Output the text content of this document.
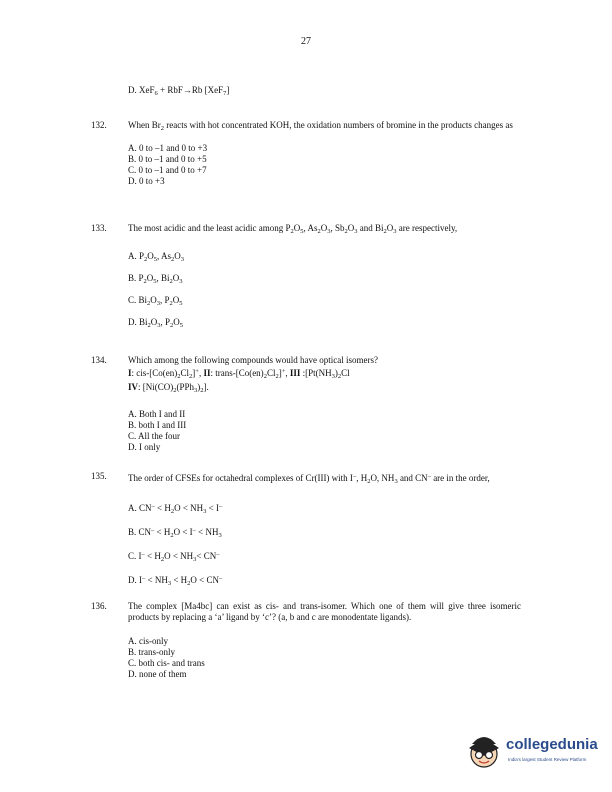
27
D. XeF$_6$ + RbF→Rb [XeF$_7$]
132.	When $Br_2$ reacts with hot concentrated KOH, the oxidation numbers of bromine in the products changes as
A. 0 to –1 and 0 to +3
B. 0 to –1 and 0 to +5
C. 0 to –1 and 0 to +7
D. 0 to +3
133.	The most acidic and the least acidic among $P_2O_5$, $As_2O_3$, $Sb_2O_3$ and $Bi_2O_3$ are respectively,
A. $P_2O_5$, $As_2O_3$
B. $P_2O_5$, $Bi_2O_3$
C. $Bi_2O_3$, $P_2O_5$
D. $Bi_2O_3$, $P_2O_5$
134.	Which among the following compounds would have optical isomers?
I: cis-$[Co(en)_2Cl_2]^+$, II: trans-$[Co(en)_2Cl_2]^+$, III $:[Pt(NH_3)_2Cl$
IV: $[Ni(CO)_2(PPh_3)_2]$.
A. Both I and II
B. both I and III
C. All the four
D. I only
135.	The order of CFSEs for octahedral complexes of Cr(III) with I–, $H_2O$, $NH_3$ and CN– are in the order,
A. $CN^- < H_2O < NH_3 < I^-$
B. $CN^- < H_2O < I^- < NH_3$
C. $I^- < H_2O < NH_3< CN^-$
D. $I^- < NH_3 < H_2O < CN^-$
136.	The complex [Ma4bc] can exist as cis- and trans-isomer. Which one of them will give three isomeric products by replacing a ‘a’ ligand by ‘c’? (a, b and c are monodentate ligands).
A. cis-only
B. trans-only
C. both cis- and trans
D. none of them
collegedunia
India's largest Student Review Platform
